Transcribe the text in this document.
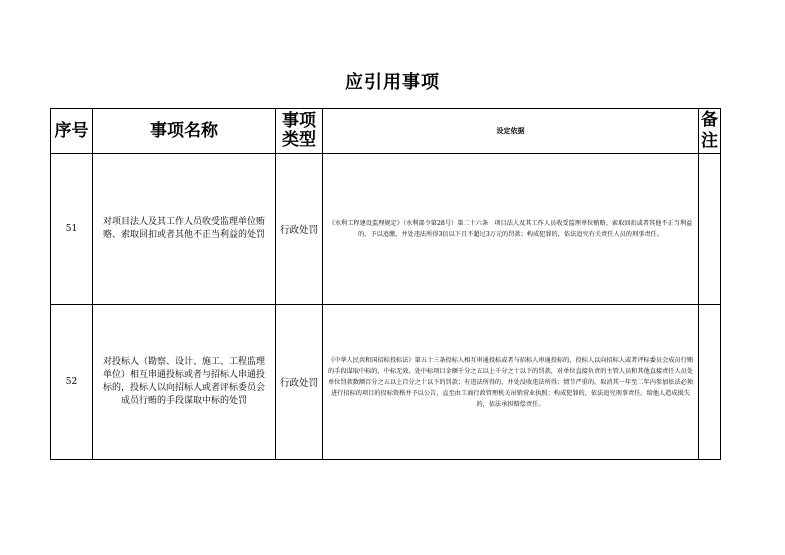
应引用事项
序号	事项名称	事项类型	设定依据	备注
51	对项目法人及其工作人员收受监理单位贿赂、索取回扣或者其他不正当利益的处罚	行政处罚	《水利工程建设监理规定》（水利部令第28号）第二十六条　项目法人及其工作人员收受监理单位贿赂、索取回扣或者其他不正当利益的，予以追缴，并处违法所得3倍以下且不超过3万元的罚款；构成犯罪的，依法追究有关责任人员的刑事责任。	
52	对投标人（勘察、设计、施工、工程监理单位）相互串通投标或者与招标人串通投标的，投标人以向招标人或者评标委员会成员行贿的手段谋取中标的处罚	行政处罚	《中华人民共和国招标投标法》第五十三条投标人相互串通投标或者与招标人串通投标的，投标人以向招标人或者评标委员会成员行贿的手段谋取中标的，中标无效，处中标项目金额千分之五以上千分之十以下的罚款，对单位直接负责的主管人员和其他直接责任人员处单位罚款数额百分之五以上百分之十以下的罚款；有违法所得的，并处没收违法所得；情节严重的，取消其一年至二年内参加依法必须进行招标的项目的投标资格并予以公告，直至由工商行政管理机关吊销营业执照；构成犯罪的，依法追究刑事责任。给他人造成损失的，依法承担赔偿责任。	
